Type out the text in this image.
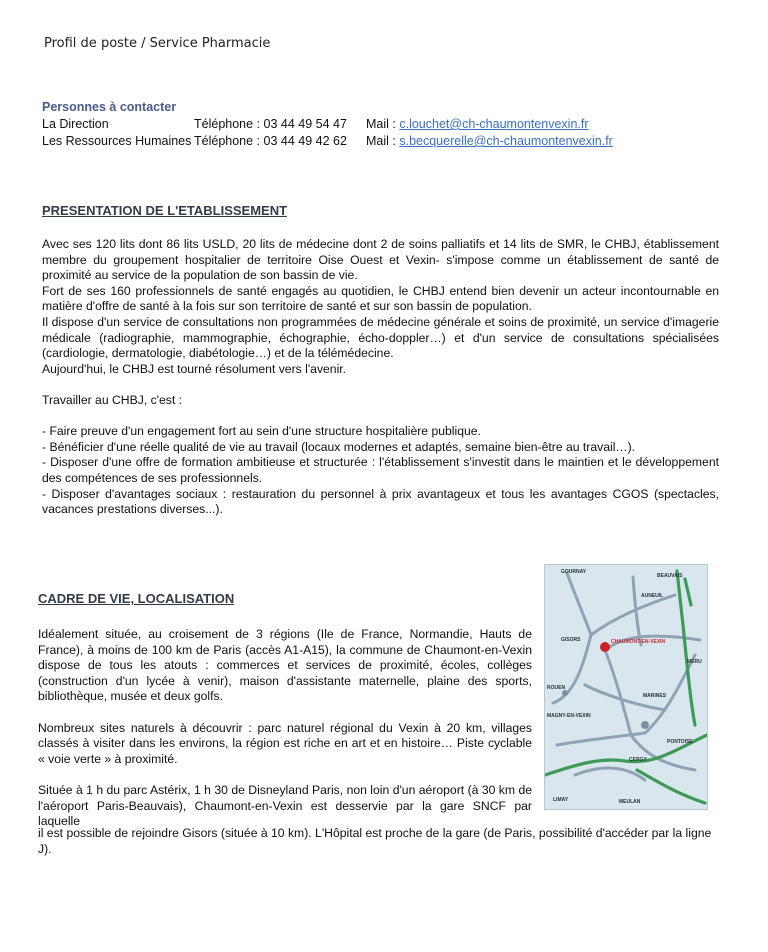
Profil de poste / Service Pharmacie
Personnes à contacter
La Direction	Téléphone : 03 44 49 54 47 Mail : c.louchet@ch-chaumontenvexin.fr
Les Ressources Humaines Téléphone : 03 44 49 42 62 Mail : s.becquerelle@ch-chaumontenvexin.fr
PRESENTATION DE L'ETABLISSEMENT

Avec ses 120 lits dont 86 lits USLD, 20 lits de médecine dont 2 de soins palliatifs et 14 lits de SMR, le CHBJ, établissement membre du groupement hospitalier de territoire Oise Ouest et Vexin- s'impose comme un établissement de santé de proximité au service de la population de son bassin de vie.

Fort de ses 160 professionnels de santé engagés au quotidien, le CHBJ entend bien devenir un acteur incontournable en matière d'offre de santé à la fois sur son territoire de santé et sur son bassin de population.

Il dispose d'un service de consultations non programmées de médecine générale et soins de proximité, un service d'imagerie médicale (radiographie, mammographie, échographie, écho-doppler…) et d'un service de consultations spécialisées (cardiologie, dermatologie, diabétologie…) et de la télémédecine.

Aujourd'hui, le CHBJ est tourné résolument vers l'avenir.

Travailler au CHBJ, c'est :

- Faire preuve d'un engagement fort au sein d'une structure hospitalière publique.

- Bénéficier d'une réelle qualité de vie au travail (locaux modernes et adaptés, semaine bien-être au travail…).

- Disposer d'une offre de formation ambitieuse et structurée : l'établissement s'investit dans le maintien et le développement des compétences de ses professionnels.

- Disposer d'avantages sociaux : restauration du personnel à prix avantageux et tous les avantages CGOS (spectacles, vacances prestations diverses...).

CADRE DE VIE, LOCALISATION

Idéalement située, au croisement de 3 régions (Ile de France, Normandie, Hauts de France), à moins de 100 km de Paris (accès A1-A15), la commune de Chaumont-en-Vexin dispose de tous les atouts : commerces et services de proximité, écoles, collèges (construction d'un lycée à venir), maison d'assistante maternelle, plaine des sports, bibliothèque, musée et deux golfs.

Nombreux sites naturels à découvrir : parc naturel régional du Vexin à 20 km, villages classés à visiter dans les environs, la région est riche en art et en histoire… Piste cyclable « voie verte » à proximité.

Située à 1 h du parc Astérix, 1 h 30 de Disneyland Paris, non loin d'un aéroport (à 30 km de l'aéroport Paris-Beauvais), Chaumont-en-Vexin est desservie par la gare SNCF par laquelle

il est possible de rejoindre Gisors (située à 10 km). L'Hôpital est proche de la gare (de Paris, possibilité d'accéder par la ligne J).
GOURNAY
BEAUVAIS
AUNEUIL
GISORS	CHAUMONT-EN-VEXIN
MERU
ROUEN
MAGNY-EN-VEXIN
MARINES
PONTOISE
CERGY
LIMAY	MEULAN
